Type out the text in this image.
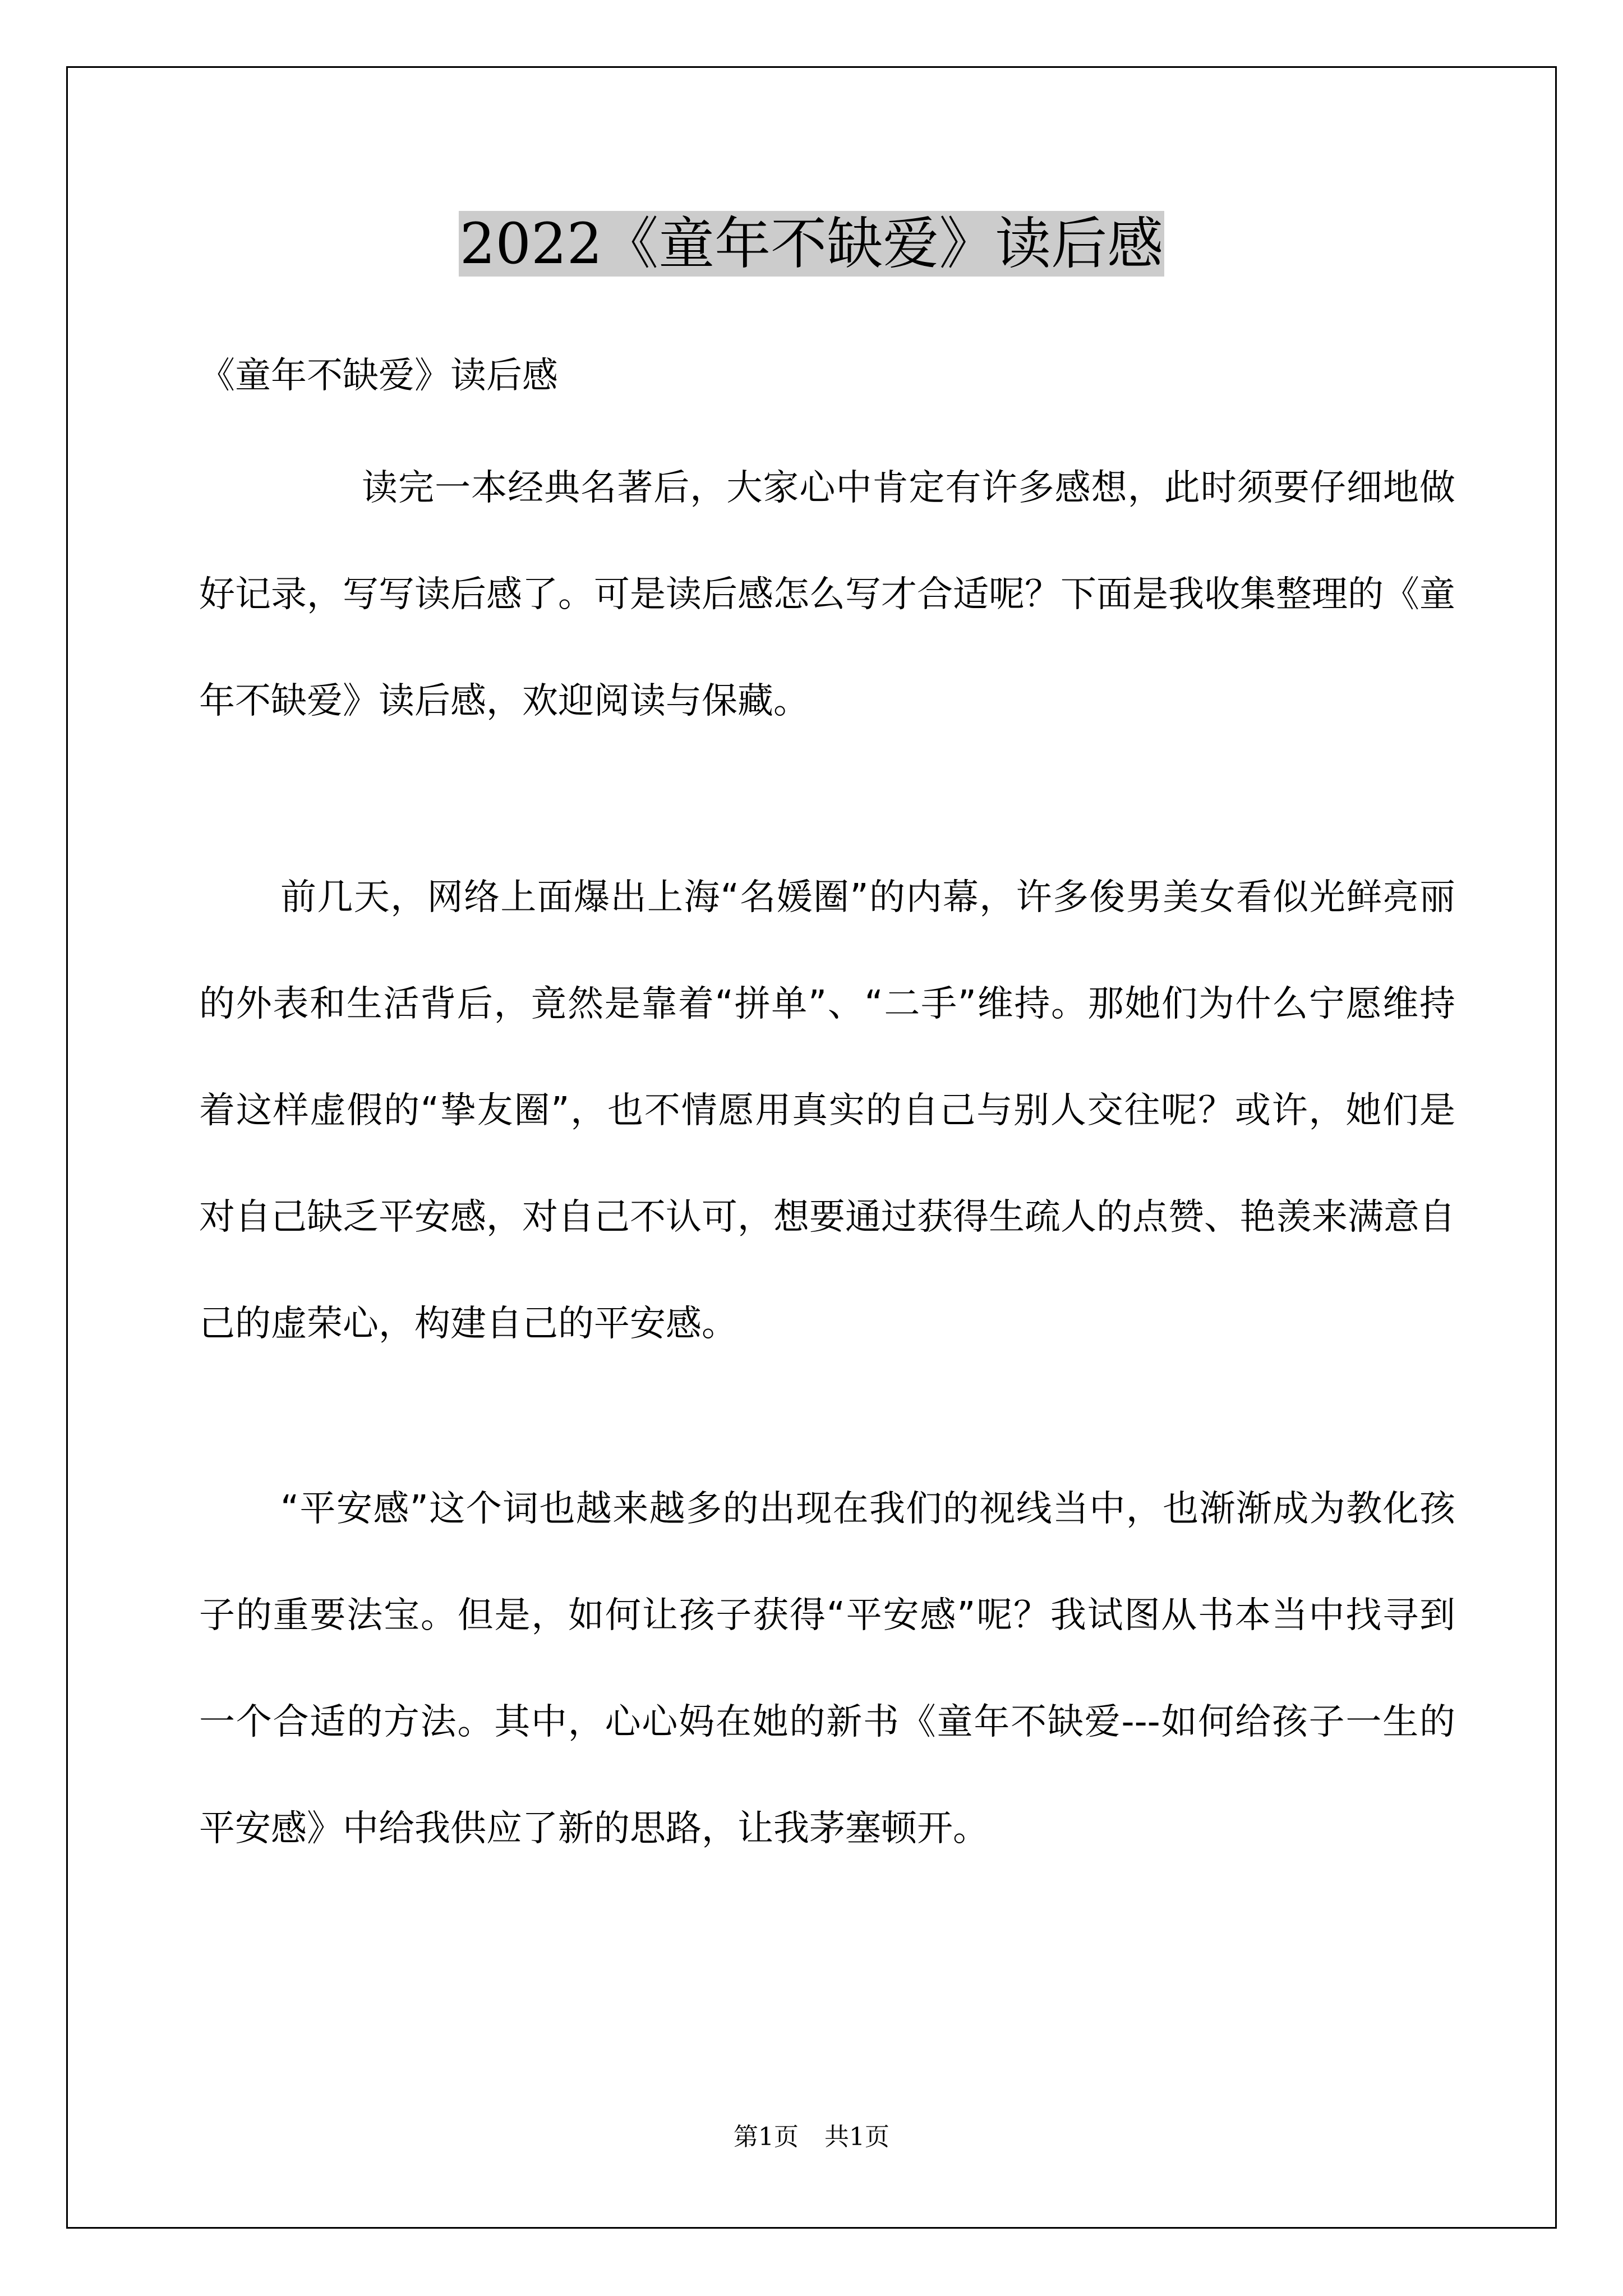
2022《童年不缺爱》读后感
《童年不缺爱》读后感

读完一本经典名著后，大家心中肯定有许多感想，此时须要仔细地做好记录，写写读后感了。可是读后感怎么写才合适呢？下面是我收集整理的《童年不缺爱》读后感，欢迎阅读与保藏。

前几天，网络上面爆出上海“名媛圈”的内幕，许多俊男美女看似光鲜亮丽的外表和生活背后，竟然是靠着“拼单”、“二手”维持。那她们为什么宁愿维持着这样虚假的“挚友圈”，也不情愿用真实的自己与别人交往呢？或许，她们是对自己缺乏平安感，对自己不认可，想要通过获得生疏人的点赞、艳羡来满意自己的虚荣心，构建自己的平安感。

“平安感”这个词也越来越多的出现在我们的视线当中，也渐渐成为教化孩子的重要法宝。但是，如何让孩子获得“平安感”呢？我试图从书本当中找寻到一个合适的方法。其中，心心妈在她的新书《童年不缺爱---如何给孩子一生的平安感》中给我供应了新的思路，让我茅塞顿开。

第1页 共1页
